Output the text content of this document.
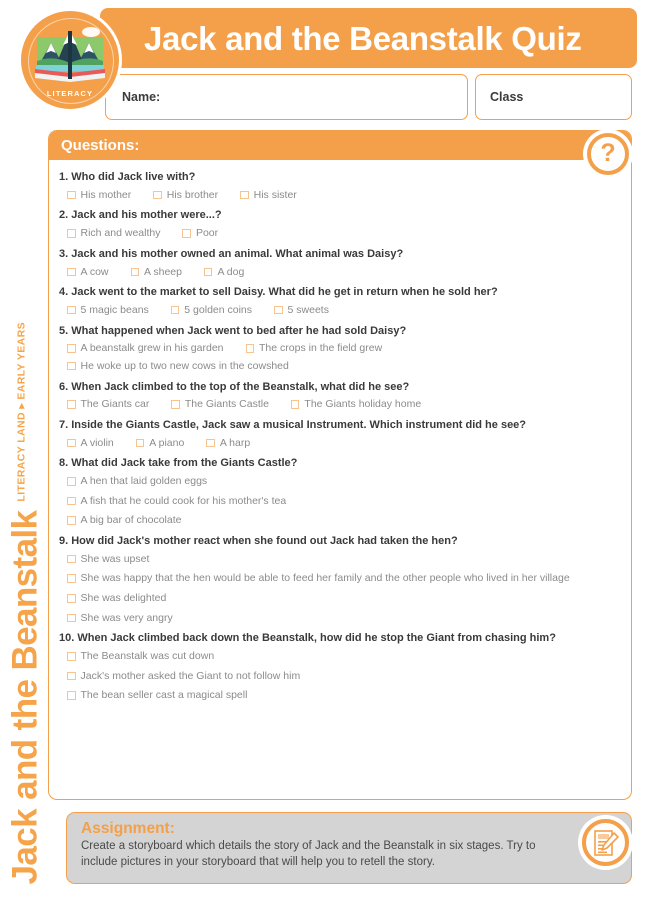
Jack and the Beanstalk
LITERACY LAND ▸ EARLY YEARS
Jack and the Beanstalk Quiz
LITERACY	Name:	Class
Questions:
1. Who did Jack live with?
His mother	His brother	His sister
2. Jack and his mother were...?
Rich and wealthy	Poor
3. Jack and his mother owned an animal. What animal was Daisy?
A cow	A sheep	A dog
4. Jack went to the market to sell Daisy. What did he get in return when he sold her?
5 magic beans	5 golden coins	5 sweets
5. What happened when Jack went to bed after he had sold Daisy?
A beanstalk grew in his garden	The crops in the field grew
He woke up to two new cows in the cowshed
6. When Jack climbed to the top of the Beanstalk, what did he see?
The Giants car	The Giants Castle	The Giants holiday home
7. Inside the Giants Castle, Jack saw a musical Instrument. Which instrument did he see?
A violin	A piano	A harp
8. What did Jack take from the Giants Castle?
A hen that laid golden eggs
A fish that he could cook for his mother's tea
A big bar of chocolate
9. How did Jack's mother react when she found out Jack had taken the hen?
She was upset
She was happy that the hen would be able to feed her family and the other people who lived in her village
She was delighted
She was very angry
10. When Jack climbed back down the Beanstalk, how did he stop the Giant from chasing him?
The Beanstalk was cut down
Jack's mother asked the Giant to not follow him
The bean seller cast a magical spell
?
Assignment:
Create a storyboard which details the story of Jack and the Beanstalk in six stages. Try to include pictures in your storyboard that will help you to retell the story.
